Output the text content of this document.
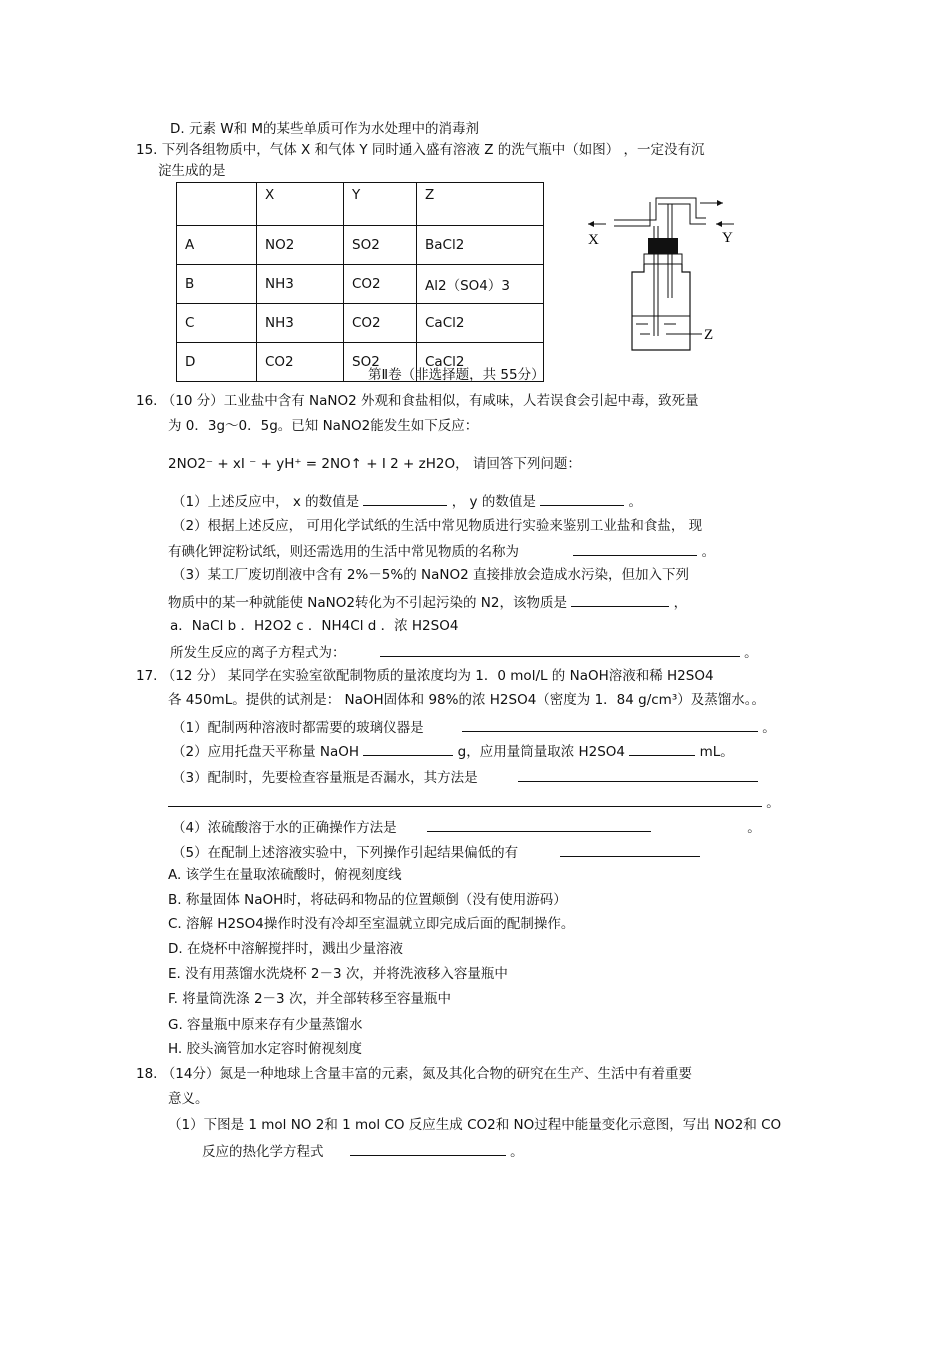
D. 元素 W和 M的某些单质可作为水处理中的消毒剂
15. 下列各组物质中，气体 X 和气体 Y 同时通入盛有溶液 Z 的洗气瓶中（如图） ，一定没有沉
淀生成的是
	X	Y	Z
A	NO2	SO2	BaCl2
B	NH3	CO2	Al2（SO4）3
C	NH3	CO2	CaCl2
D	CO2	SO2	CaCl2
X	Y
Z
第Ⅱ卷（非选择题，共 55分）
16. （10 分）工业盐中含有 NaNO2 外观和食盐相似，有咸味，人若误食会引起中毒，致死量
为 0．3g～0．5g。已知 NaNO2能发生如下反应：
2NO2⁻ + xI ⁻ + yH⁺ = 2NO↑ + I 2 + zH2O， 请回答下列问题：
（1）上述反应中， x 的数值是	， y 的数值是	。
（2）根据上述反应， 可用化学试纸的生活中常见物质进行实验来鉴别工业盐和食盐， 现
有碘化钾淀粉试纸，则还需选用的生活中常见物质的名称为	。
（3）某工厂废切削液中含有 2%－5%的 NaNO2 直接排放会造成水污染，但加入下列
物质中的某一种就能使 NaNO2转化为不引起污染的 N2，该物质是	，
a．NaCl b ．H2O2 c ．NH4Cl d ．浓 H2SO4
所发生反应的离子方程式为：	。
17. （12 分） 某同学在实验室欲配制物质的量浓度均为 1．0 mol/L 的 NaOH溶液和稀 H2SO4
各 450mL。提供的试剂是： NaOH固体和 98%的浓 H2SO4（密度为 1．84 g/cm³）及蒸馏水。。
（1）配制两种溶液时都需要的玻璃仪器是	。
（2）应用托盘天平称量 NaOH	g，应用量筒量取浓 H2SO4	mL。
（3）配制时，先要检查容量瓶是否漏水，其方法是
。
（4）浓硫酸溶于水的正确操作方法是	。
（5）在配制上述溶液实验中，下列操作引起结果偏低的有
A. 该学生在量取浓硫酸时，俯视刻度线
B. 称量固体 NaOH时，将砝码和物品的位置颠倒（没有使用游码）
C. 溶解 H2SO4操作时没有冷却至室温就立即完成后面的配制操作。
D. 在烧杯中溶解搅拌时，溅出少量溶液
E. 没有用蒸馏水洗烧杯 2－3 次，并将洗液移入容量瓶中
F. 将量筒洗涤 2－3 次，并全部转移至容量瓶中
G. 容量瓶中原来存有少量蒸馏水
H. 胶头滴管加水定容时俯视刻度
18. （14分）氮是一种地球上含量丰富的元素，氮及其化合物的研究在生产、生活中有着重要
意义。
（1）下图是 1 mol NO 2和 1 mol CO 反应生成 CO2和 NO过程中能量变化示意图，写出 NO2和 CO
反应的热化学方程式	。
